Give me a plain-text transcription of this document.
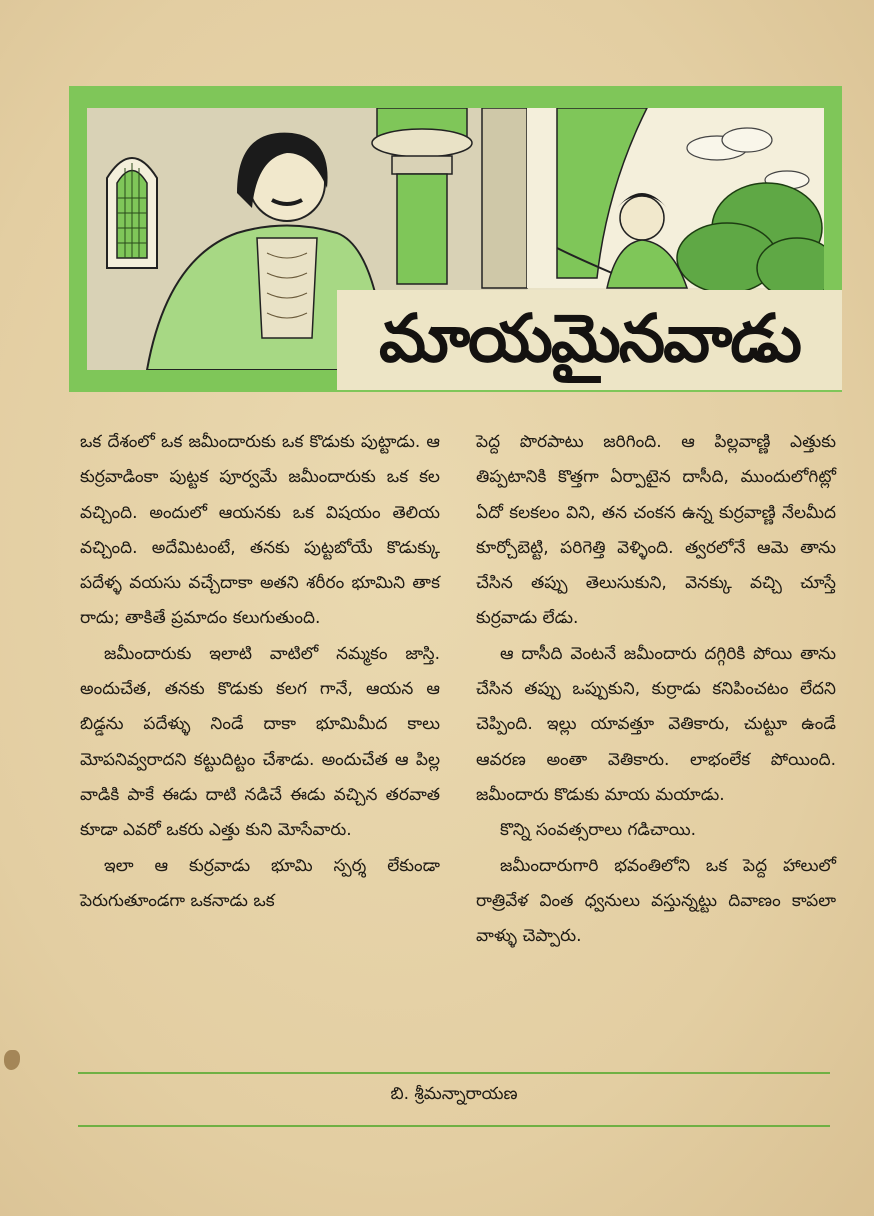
మాయమైనవాడు

ఒక దేశంలో ఒక జమీందారుకు ఒక కొడుకు పుట్టాడు. ఆ కుర్రవాడింకా పుట్టక పూర్వమే జమీందారుకు ఒక కల వచ్చింది. అందులో ఆయనకు ఒక విషయం తెలియ వచ్చింది. అదేమిటంటే, తనకు పుట్టబోయే కొడుక్కు పదేళ్ళ వయసు వచ్చేదాకా అతని శరీరం భూమిని తాక రాదు; తాకితే ప్రమాదం కలుగుతుంది.

జమీందారుకు ఇలాటి వాటిలో నమ్మకం జాస్తి. అందుచేత, తనకు కొడుకు కలగ గానే, ఆయన ఆ బిడ్డను పదేళ్ళు నిండే దాకా భూమిమీద కాలు మోపనివ్వరాదని కట్టుదిట్టం చేశాడు. అందుచేత ఆ పిల్ల వాడికి పాకే ఈడు దాటి నడిచే ఈడు వచ్చిన తరవాత కూడా ఎవరో ఒకరు ఎత్తు కుని మోసేవారు.

ఇలా ఆ కుర్రవాడు భూమి స్పర్శ లేకుండా పెరుగుతూండగా ఒకనాడు ఒక

పెద్ద పొరపాటు జరిగింది. ఆ పిల్లవాణ్ణి ఎత్తుకు తిప్పటానికి కొత్తగా ఏర్పాటైన దాసీది, ముందులోగిట్లో ఏదో కలకలం విని, తన చంకన ఉన్న కుర్రవాణ్ణి నేలమీద కూర్చోబెట్టి, పరిగెత్తి వెళ్ళింది. త్వరలోనే ఆమె తాను చేసిన తప్పు తెలుసుకుని, వెనక్కు వచ్చి చూస్తే కుర్రవాడు లేడు.

ఆ దాసీది వెంటనే జమీందారు దగ్గిరికి పోయి తాను చేసిన తప్పు ఒప్పుకుని, కుర్రాడు కనిపించటం లేదని చెప్పింది. ఇల్లు యావత్తూ వెతికారు, చుట్టూ ఉండే ఆవరణ అంతా వెతికారు. లాభంలేక పోయింది. జమీందారు కొడుకు మాయ మయాడు.

కొన్ని సంవత్సరాలు గడిచాయి.

జమీందారుగారి భవంతిలోని ఒక పెద్ద హాలులో రాత్రివేళ వింత ధ్వనులు వస్తున్నట్టు దివాణం కాపలా వాళ్ళు చెప్పారు.

బి. శ్రీమన్నారాయణ
